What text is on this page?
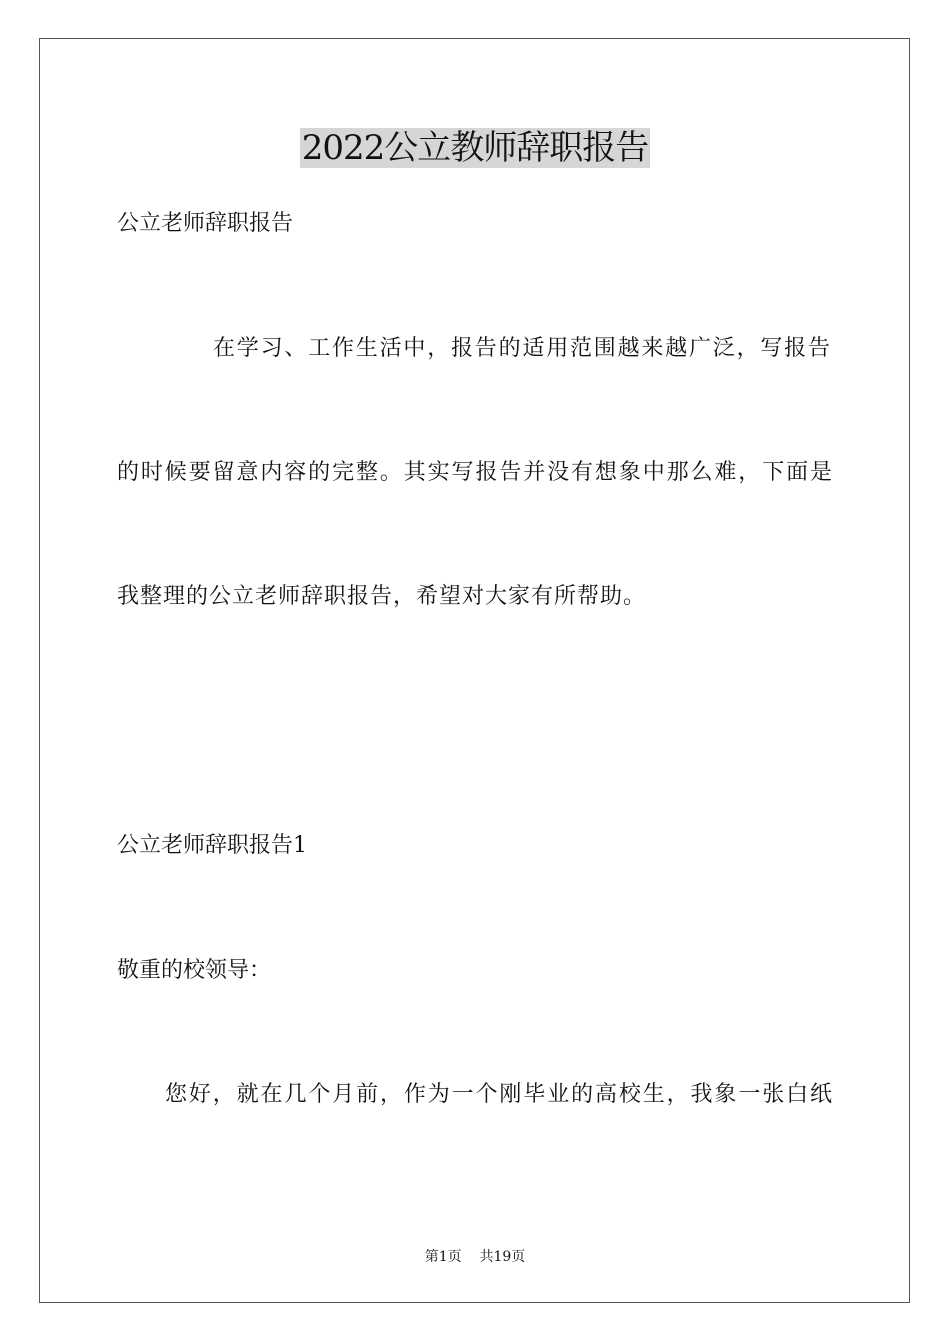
2022公立教师辞职报告
公立老师辞职报告
在学习、工作生活中，报告的适用范围越来越广泛，写报告
的时候要留意内容的完整。其实写报告并没有想象中那么难，下面是
我整理的公立老师辞职报告，希望对大家有所帮助。
公立老师辞职报告1
敬重的校领导：
您好，就在几个月前，作为一个刚毕业的高校生，我象一张白纸
第1页    共19页
